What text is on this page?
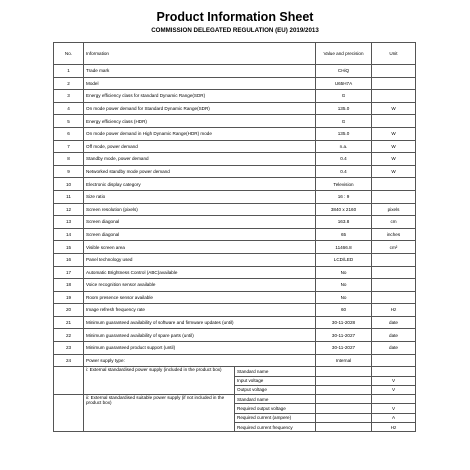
Product Information Sheet
COMMISSION DELEGATED REGULATION (EU) 2019/2013
No.	Information		Value and precision	Unit
1	Trade mark		CHiQ	
2	Model		U65H7A	
3	Energy efficiency class for standard Dynamic Range(SDR)		G	
4	On mode power demand for Standard Dynamic Range(SDR)		135.0	W
5	Energy efficiency class (HDR)		G	
6	On mode power demand in High Dynamic Range(HDR) mode		135.0	W
7	Off mode, power demand		n.a.	W
8	Standby mode, power demand		0.4	W
9	Networked standby mode power demand		0.4	W
10	Electronic display category		Television	
11	Size ratio		16 : 9	
12	Screen resolution (pixels)		3840 x 2160	pixels
13	Screen diagonal		163.8	cm
14	Screen diagonal		65	inches
15	Visible screen area		11466.8	cm²
16	Panel technology used		LCD/LED	
17	Automatic Brightness Control (ABC)available		No	
18	Voice recognition sensor available		No	
19	Room presence sensor available		No	
20	Image refresh frequency rate		60	Hz
21	Minimum guaranteed availability of software and firmware updates (until)		30-11-2028	date
22	Minimum guaranteed availability of spare parts (until)		30-11-2027	date
23	Minimum guaranteed product support (until)		30-11-2027	date
24	Power supply type:		Internal	
	i: External standardised power supply (included in the product box)	Standard name		
		Input voltage		V
		Output voltage		V
	ii: External standardised suitable power supply (if not included in the product box)	Standard name		
		Required output voltage		V
		Required current (ampere)		A
		Required current frequency		Hz
